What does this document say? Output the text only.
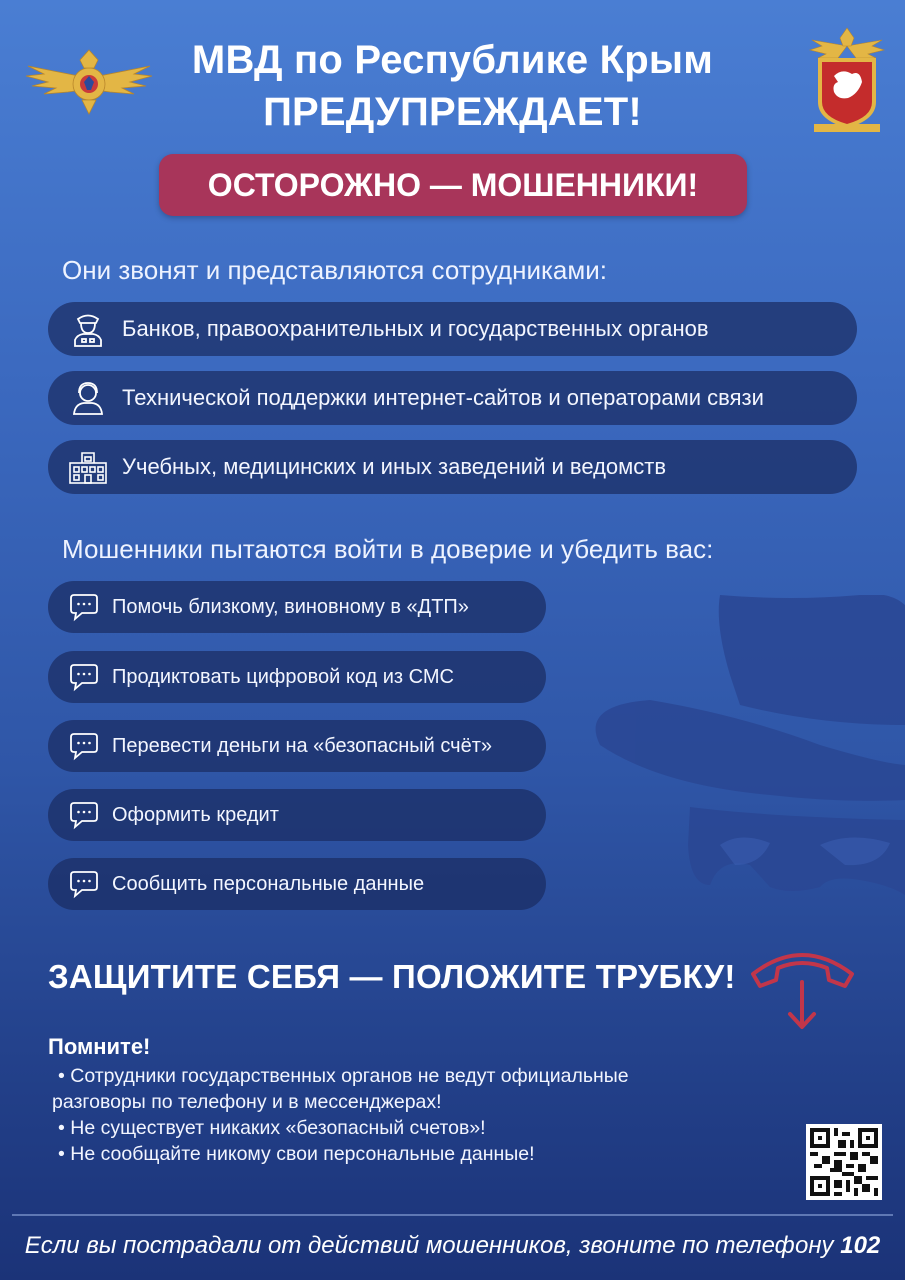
МВД по Республике Крым
ПРЕДУПРЕЖДАЕТ!
ОСТОРОЖНО — МОШЕННИКИ!
Они звонят и представляются сотрудниками:
Банков, правоохранительных и государственных органов
Технической поддержки интернет-сайтов и операторами связи
Учебных, медицинских и иных заведений и ведомств
Мошенники пытаются войти в доверие и убедить вас:
Помочь близкому, виновному в «ДТП»
Продиктовать цифровой код из СМС
Перевести деньги на «безопасный счёт»
Оформить кредит
Сообщить персональные данные
ЗАЩИТИТЕ СЕБЯ — ПОЛОЖИТЕ ТРУБКУ!
Помните!
• Сотрудники государственных органов не ведут официальные
разговоры по телефону и в мессенджерах!
• Не существует никаких «безопасный счетов»!
• Не сообщайте никому свои персональные данные!
Если вы пострадали от действий мошенников, звоните по телефону 102
